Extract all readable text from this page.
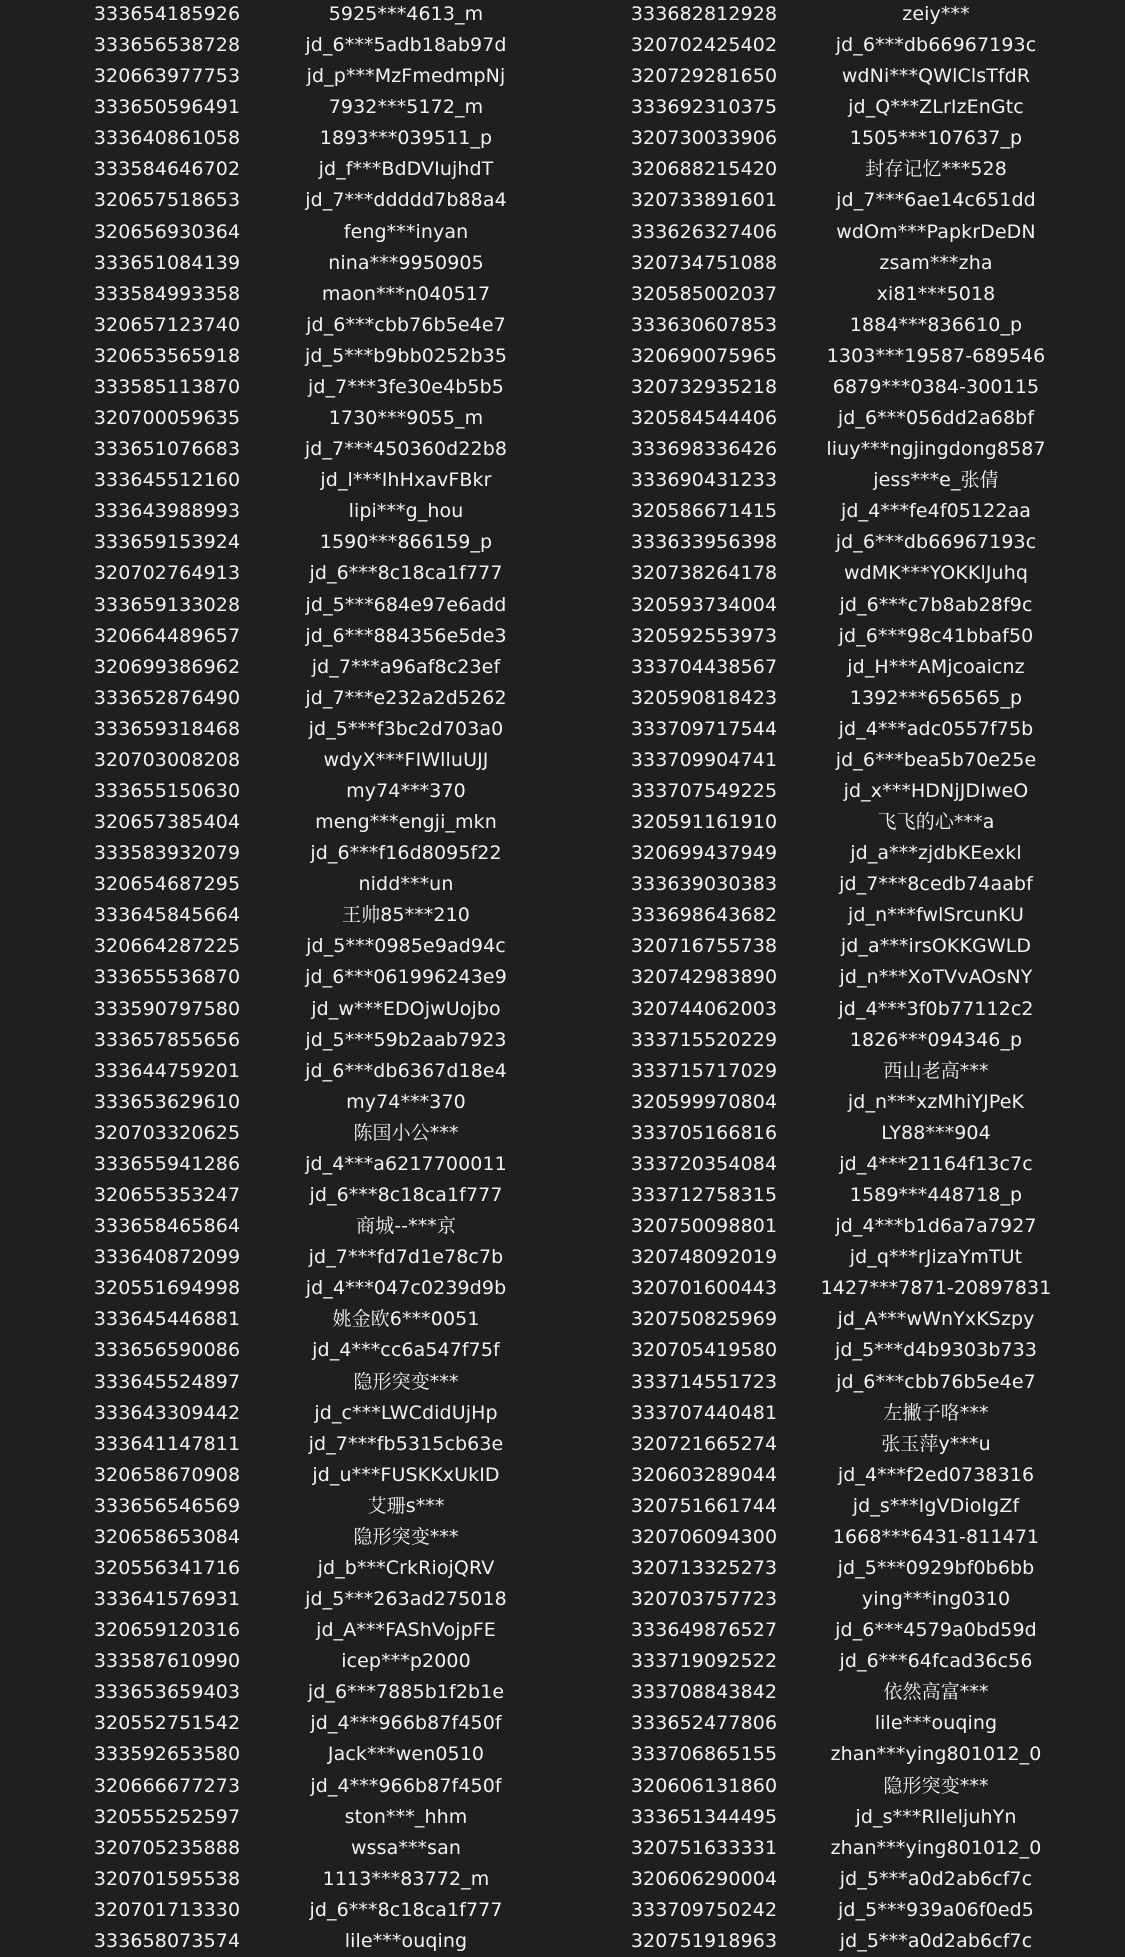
333654185926	5925***4613_m	333682812928	zeiy***
333656538728	jd_6***5adb18ab97d	320702425402	jd_6***db66967193c
320663977753	jd_p***MzFmedmpNj	320729281650	wdNi***QWlClsTfdR
333650596491	7932***5172_m	333692310375	jd_Q***ZLrIzEnGtc
333640861058	1893***039511_p	320730033906	1505***107637_p
333584646702	jd_f***BdDVIujhdT	320688215420	封存记忆***528
320657518653	jd_7***ddddd7b88a4	320733891601	jd_7***6ae14c651dd
320656930364	feng***inyan	333626327406	wdOm***PapkrDeDN
333651084139	nina***9950905	320734751088	zsam***zha
333584993358	maon***n040517	320585002037	xi81***5018
320657123740	jd_6***cbb76b5e4e7	333630607853	1884***836610_p
320653565918	jd_5***b9bb0252b35	320690075965	1303***19587-689546
333585113870	jd_7***3fe30e4b5b5	320732935218	6879***0384-300115
320700059635	1730***9055_m	320584544406	jd_6***056dd2a68bf
333651076683	jd_7***450360d22b8	333698336426	liuy***ngjingdong8587
333645512160	jd_l***IhHxavFBkr	333690431233	jess***e_张倩
333643988993	lipi***g_hou	320586671415	jd_4***fe4f05122aa
333659153924	1590***866159_p	333633956398	jd_6***db66967193c
320702764913	jd_6***8c18ca1f777	320738264178	wdMK***YOKKlJuhq
333659133028	jd_5***684e97e6add	320593734004	jd_6***c7b8ab28f9c
320664489657	jd_6***884356e5de3	320592553973	jd_6***98c41bbaf50
320699386962	jd_7***a96af8c23ef	333704438567	jd_H***AMjcoaicnz
333652876490	jd_7***e232a2d5262	320590818423	1392***656565_p
333659318468	jd_5***f3bc2d703a0	333709717544	jd_4***adc0557f75b
320703008208	wdyX***FIWlluUJJ	333709904741	jd_6***bea5b70e25e
333655150630	my74***370	333707549225	jd_x***HDNjJDIweO
320657385404	meng***engji_mkn	320591161910	飞飞的心***a
333583932079	jd_6***f16d8095f22	320699437949	jd_a***zjdbKEexkl
320654687295	nidd***un	333639030383	jd_7***8cedb74aabf
333645845664	王帅85***210	333698643682	jd_n***fwlSrcunKU
320664287225	jd_5***0985e9ad94c	320716755738	jd_a***irsOKKGWLD
333655536870	jd_6***061996243e9	320742983890	jd_n***XoTVvAOsNY
333590797580	jd_w***EDOjwUojbo	320744062003	jd_4***3f0b77112c2
333657855656	jd_5***59b2aab7923	333715520229	1826***094346_p
333644759201	jd_6***db6367d18e4	333715717029	西山老高***
333653629610	my74***370	320599970804	jd_n***xzMhiYJPeK
320703320625	陈国小公***	333705166816	LY88***904
333655941286	jd_4***a6217700011	333720354084	jd_4***21164f13c7c
320655353247	jd_6***8c18ca1f777	333712758315	1589***448718_p
333658465864	商城--***京	320750098801	jd_4***b1d6a7a7927
333640872099	jd_7***fd7d1e78c7b	320748092019	jd_q***rJizaYmTUt
320551694998	jd_4***047c0239d9b	320701600443 1427***7871-20897831
333645446881	姚金欧6***0051	320750825969	jd_A***wWnYxKSzpy
333656590086	jd_4***cc6a547f75f	320705419580	jd_5***d4b9303b733
333645524897	隐形突变***	333714551723	jd_6***cbb76b5e4e7
333643309442	jd_c***LWCdidUjHp	333707440481	左撇子咯***
333641147811	jd_7***fb5315cb63e	320721665274	张玉萍y***u
320658670908	jd_u***FUSKKxUkID	320603289044	jd_4***f2ed0738316
333656546569	艾珊s***	320751661744	jd_s***IgVDioIgZf
320658653084	隐形突变***	320706094300	1668***6431-811471
320556341716	jd_b***CrkRiojQRV	320713325273	jd_5***0929bf0b6bb
333641576931	jd_5***263ad275018	320703757723	ying***ing0310
320659120316	jd_A***FAShVojpFE	333649876527	jd_6***4579a0bd59d
333587610990	icep***p2000	333719092522	jd_6***64fcad36c56
333653659403	jd_6***7885b1f2b1e	333708843842	依然高富***
320552751542	jd_4***966b87f450f	333652477806	lile***ouqing
333592653580	Jack***wen0510	333706865155	zhan***ying801012_0
320666677273	jd_4***966b87f450f	320606131860	隐形突变***
320555252597	ston***_hhm	333651344495	jd_s***RIleljuhYn
320705235888	wssa***san	320751633331	zhan***ying801012_0
320701595538	1113***83772_m	320606290004	jd_5***a0d2ab6cf7c
320701713330	jd_6***8c18ca1f777	333709750242	jd_5***939a06f0ed5
333658073574	lile***ouqing	320751918963	jd_5***a0d2ab6cf7c
